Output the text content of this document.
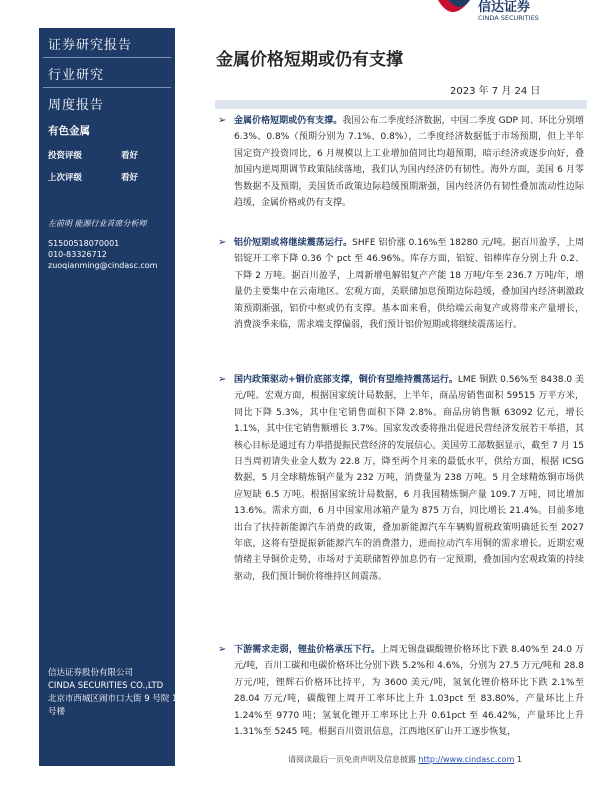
信达证券
CINDA SECURITIES
证券研究报告
行业研究
周度报告
有色金属
投资评级	看好
上次评级	看好
左前明 能源行业首席分析师
S1500518070001
010-83326712
zuoqianming@cindasc.com
信达证券股份有限公司
CINDA SECURITIES CO.,LTD
北京市西城区闹市口大街 9 号院 1 号楼
金属价格短期或仍有支撑
2023 年 7 月 24 日
➢ 金属价格短期或仍有支撑。我国公布二季度经济数据，中国二季度 GDP 同、环比分别增 6.3%、0.8%（预期分别为 7.1%、0.8%），二季度经济数据低于市场预期，但上半年国定资产投资同比，6 月规模以上工业增加值同比均超预期，暗示经济或逐步向好，叠加国内逆周期调节政策陆续落地，我们认为国内经济仍有韧性。海外方面，美国 6 月零售数据不及预期，美国货币政策边际趋缓预期渐强，国内经济仍有韧性叠加流动性边际趋缓，金属价格或仍有支撑。

➢ 铝价短期或将继续震荡运行。SHFE 铝价涨 0.16%至 18280 元/吨。据百川盈孚，上周铝锭开工率下降 0.36 个 pct 至 46.96%。库存方面，铝锭、铝棒库存分别上升 0.2、下降 2 万吨。据百川盈孚，上周新增电解铝复产产能 18 万吨/年至 236.7 万吨/年，增量仍主要集中在云南地区。宏观方面，美联储加息预期边际趋缓，叠加国内经济刺激政策预期渐强，铝价中枢或仍有支撑。基本面来看，供给端云南复产或将带来产量增长，消费淡季来临，需求端支撑偏弱，我们预计铝价短期或将继续震荡运行。

➢ 国内政策驱动+铜价底部支撑，铜价有望维持震荡运行。LME 铜跌 0.56%至 8438.0 美元/吨。宏观方面，根据国家统计局数据，上半年，商品房销售面积 59515 万平方米，同比下降 5.3%，其中住宅销售面积下降 2.8%。商品房销售额 63092 亿元，增长 1.1%，其中住宅销售额增长 3.7%。国家发改委将推出促进民营经济发展若干举措，其核心目标是通过有力举措提振民营经济的发展信心。美国劳工部数据显示，截至 7 月 15 日当周初请失业金人数为 22.8 万，降至两个月来的最低水平，供给方面，根据 ICSG 数据，5 月全球精炼铜产量为 232 万吨，消费量为 238 万吨。5 月全球精炼铜市场供应短缺 6.5 万吨。根据国家统计局数据，6 月我国精炼铜产量 109.7 万吨，同比增加 13.6%。需求方面，6 月中国家用冰箱产量为 875 万台，同比增长 21.4%。目前多地出台了扶持新能源汽车消费的政策，叠加新能源汽车车辆购置税政策明确延长至 2027 年底，这将有望提振新能源汽车的消费潜力，进而拉动汽车用铜的需求增长。近期宏观情绪主导铜价走势，市场对于美联储暂停加息仍有一定预期，叠加国内宏观政策的持续驱动，我们预计铜价将维持区间震荡。

➢ 下游需求走弱，锂盐价格承压下行。上周无锡盘碳酸锂价格环比下跌 8.40%至 24.0 万元/吨，百川工碳和电碳价格环比分别下跌 5.2%和 4.6%，分别为 27.5 万元/吨和 28.8 万元/吨，锂辉石价格环比持平，为 3600 美元/吨，氢氧化锂价格环比下跌 2.1%至 28.04 万元/吨，碳酸锂上周开工率环比上升 1.03pct 至 83.80%，产量环比上升 1.24%至 9770 吨；氢氧化锂开工率环比上升 0.61pct 至 46.42%，产量环比上升 1.31%至 5245 吨。根据百川资讯信息，江西地区矿山开工逐步恢复，

请阅读最后一页免责声明及信息披露 http://www.cindasc.com 1
